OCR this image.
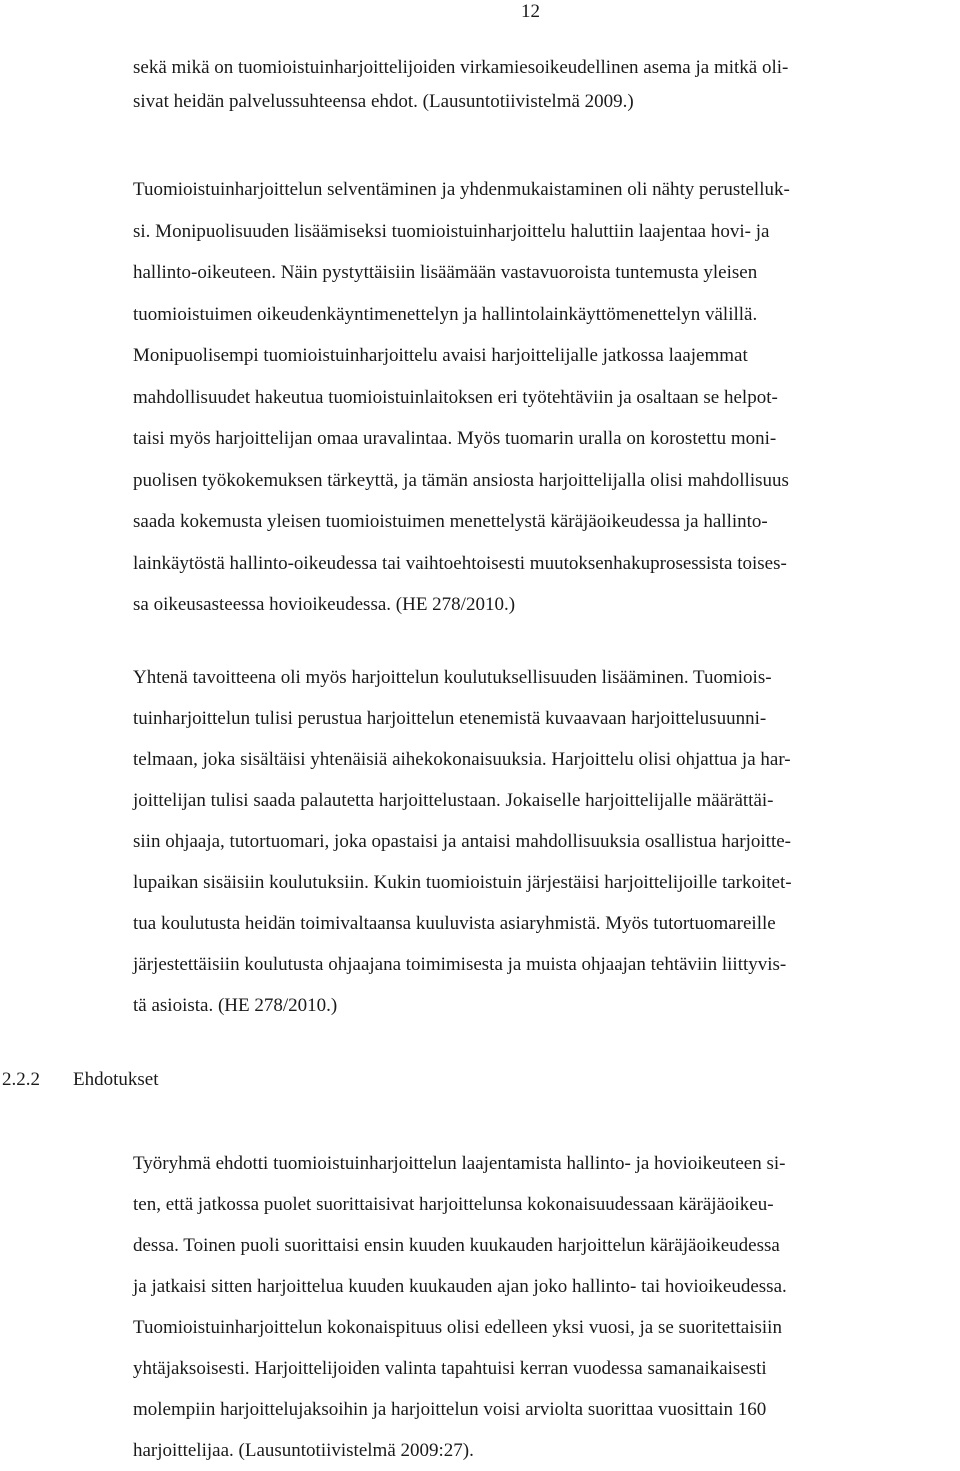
12

sekä mikä on tuomioistuinharjoittelijoiden virkamiesoikeudellinen asema ja mitkä oli-
sivat heidän palvelussuhteensa ehdot. (Lausuntotiivistelmä 2009.)

Tuomioistuinharjoittelun selventäminen ja yhdenmukaistaminen oli nähty perustelluk-
si. Monipuolisuuden lisäämiseksi tuomioistuinharjoittelu haluttiin laajentaa hovi- ja
hallinto-oikeuteen. Näin pystyttäisiin lisäämään vastavuoroista tuntemusta yleisen
tuomioistuimen oikeudenkäyntimenettelyn ja hallintolainkäyttömenettelyn välillä.
Monipuolisempi tuomioistuinharjoittelu avaisi harjoittelijalle jatkossa laajemmat
mahdollisuudet hakeutua tuomioistuinlaitoksen eri työtehtäviin ja osaltaan se helpot-
taisi myös harjoittelijan omaa uravalintaa. Myös tuomarin uralla on korostettu moni-
puolisen työkokemuksen tärkeyttä, ja tämän ansiosta harjoittelijalla olisi mahdollisuus
saada kokemusta yleisen tuomioistuimen menettelystä käräjäoikeudessa ja hallinto-
lainkäytöstä hallinto-oikeudessa tai vaihtoehtoisesti muutoksenhakuprosessista toises-
sa oikeusasteessa hovioikeudessa. (HE 278/2010.)

Yhtenä tavoitteena oli myös harjoittelun koulutuksellisuuden lisääminen. Tuomiois-
tuinharjoittelun tulisi perustua harjoittelun etenemistä kuvaavaan harjoittelusuunni-
telmaan, joka sisältäisi yhtenäisiä aihekokonaisuuksia. Harjoittelu olisi ohjattua ja har-
joittelijan tulisi saada palautetta harjoittelustaan. Jokaiselle harjoittelijalle määrättäi-
siin ohjaaja, tutortuomari, joka opastaisi ja antaisi mahdollisuuksia osallistua harjoitte-
lupaikan sisäisiin koulutuksiin. Kukin tuomioistuin järjestäisi harjoittelijoille tarkoitet-
tua koulutusta heidän toimivaltaansa kuuluvista asiaryhmistä. Myös tutortuomareille
järjestettäisiin koulutusta ohjaajana toimimisesta ja muista ohjaajan tehtäviin liittyvis-
tä asioista. (HE 278/2010.)

2.2.2 Ehdotukset

Työryhmä ehdotti tuomioistuinharjoittelun laajentamista hallinto- ja hovioikeuteen si-
ten, että jatkossa puolet suorittaisivat harjoittelunsa kokonaisuudessaan käräjäoikeu-
dessa. Toinen puoli suorittaisi ensin kuuden kuukauden harjoittelun käräjäoikeudessa
ja jatkaisi sitten harjoittelua kuuden kuukauden ajan joko hallinto- tai hovioikeudessa.
Tuomioistuinharjoittelun kokonaispituus olisi edelleen yksi vuosi, ja se suoritettaisiin
yhtäjaksoisesti. Harjoittelijoiden valinta tapahtuisi kerran vuodessa samanaikaisesti
molempiin harjoittelujaksoihin ja harjoittelun voisi arviolta suorittaa vuosittain 160
harjoittelijaa. (Lausuntotiivistelmä 2009:27).
